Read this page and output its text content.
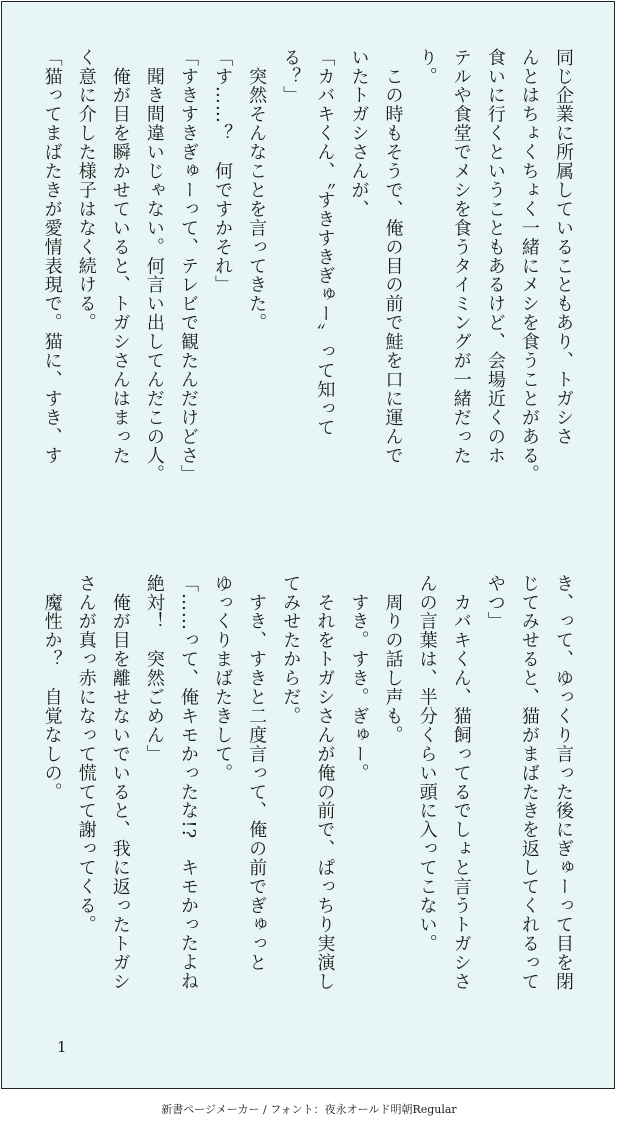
同じ企業に所属していることもあり、トガシさ
んとはちょくちょく一緒にメシを食うことがある。
食いに行くということもあるけど、会場近くのホ
テルや食堂でメシを食うタイミングが一緒だった
り。
　この時もそうで、俺の目の前で鮭を口に運んで
いたトガシさんが、
「カバキくん、〝すきすきぎゅー〟って知って
る？」
　突然そんなことを言ってきた。
「す……？　何ですかそれ」
「すきすきぎゅーって、テレビで観たんだけどさ」
　聞き間違いじゃない。何言い出してんだこの人。
　俺が目を瞬かせていると、トガシさんはまった
く意に介した様子はなく続ける。
「猫ってまばたきが愛情表現で。猫に、すき、す

き、って、ゆっくり言った後にぎゅーって目を閉
じてみせると、猫がまばたきを返してくれるって
やつ」
　カバキくん、猫飼ってるでしょと言うトガシさ
んの言葉は、半分くらい頭に入ってこない。
　周りの話し声も。
　すき。すき。ぎゅー。
　それをトガシさんが俺の前で、ぱっちり実演し
てみせたからだ。
　すき、すきと二度言って、俺の前でぎゅっと
ゆっくりまばたきして。
「……って、俺キモかったな!?　キモかったよね
絶対！　突然ごめん」
　俺が目を離せないでいると、我に返ったトガシ
さんが真っ赤になって慌てて謝ってくる。
　魔性か？　自覚なしの。

1
新書ページメーカー / フォント：夜永オールド明朝Regular
